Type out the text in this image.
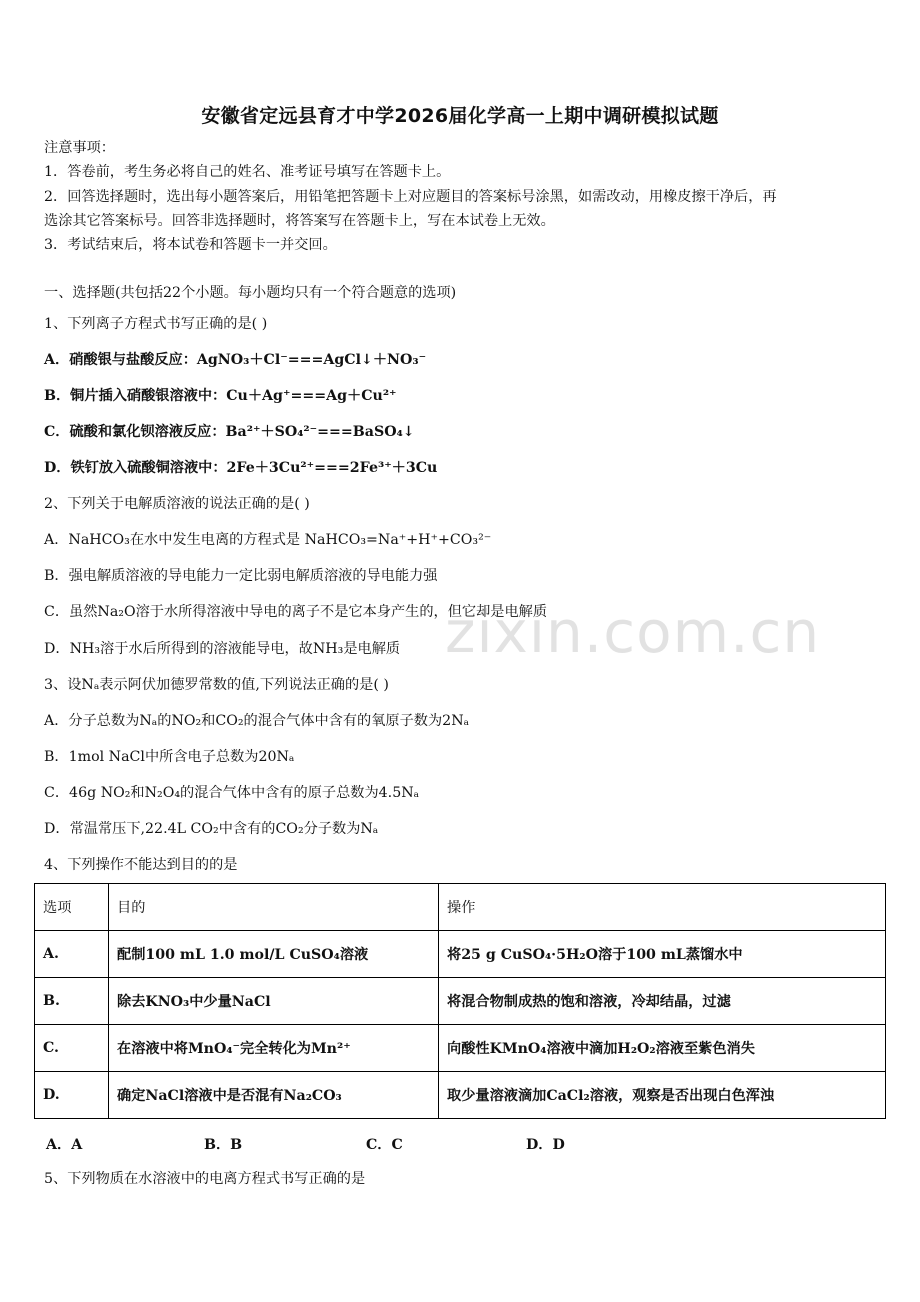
安徽省定远县育才中学2026届化学高一上期中调研模拟试题
注意事项：
1．答卷前，考生务必将自己的姓名、准考证号填写在答题卡上。
2．回答选择题时，选出每小题答案后，用铅笔把答题卡上对应题目的答案标号涂黑，如需改动，用橡皮擦干净后，再
选涂其它答案标号。回答非选择题时，将答案写在答题卡上，写在本试卷上无效。
3．考试结束后，将本试卷和答题卡一并交回。
一、选择题(共包括22个小题。每小题均只有一个符合题意的选项)
1、下列离子方程式书写正确的是( )
A．硝酸银与盐酸反应：AgNO₃＋Cl⁻===AgCl↓＋NO₃⁻
B．铜片插入硝酸银溶液中：Cu＋Ag⁺===Ag＋Cu²⁺
C．硫酸和氯化钡溶液反应：Ba²⁺＋SO₄²⁻===BaSO₄↓
D．铁钉放入硫酸铜溶液中：2Fe＋3Cu²⁺===2Fe³⁺＋3Cu
2、下列关于电解质溶液的说法正确的是( )
A．NaHCO₃在水中发生电离的方程式是 NaHCO₃=Na⁺+H⁺+CO₃²⁻
B．强电解质溶液的导电能力一定比弱电解质溶液的导电能力强
C．虽然Na₂O溶于水所得溶液中导电的离子不是它本身产生的，但它却是电解质
D．NH₃溶于水后所得到的溶液能导电，故NH₃是电解质
3、设Nₐ表示阿伏加德罗常数的值,下列说法正确的是( )
A．分子总数为Nₐ的NO₂和CO₂的混合气体中含有的氧原子数为2Nₐ
B．1mol NaCl中所含电子总数为20Nₐ
C．46g NO₂和N₂O₄的混合气体中含有的原子总数为4.5Nₐ
D．常温常压下,22.4L CO₂中含有的CO₂分子数为Nₐ
4、下列操作不能达到目的的是
选项	目的	操作
A.	配制100 mL 1.0 mol/L CuSO₄溶液	将25 g CuSO₄·5H₂O溶于100 mL蒸馏水中
B.	除去KNO₃中少量NaCl	将混合物制成热的饱和溶液，冷却结晶，过滤
C.	在溶液中将MnO₄⁻完全转化为Mn²⁺	向酸性KMnO₄溶液中滴加H₂O₂溶液至紫色消失
D.	确定NaCl溶液中是否混有Na₂CO₃	取少量溶液滴加CaCl₂溶液，观察是否出现白色浑浊
A．A	B．B	C．C	D．D
5、下列物质在水溶液中的电离方程式书写正确的是
zixin.com.cn
